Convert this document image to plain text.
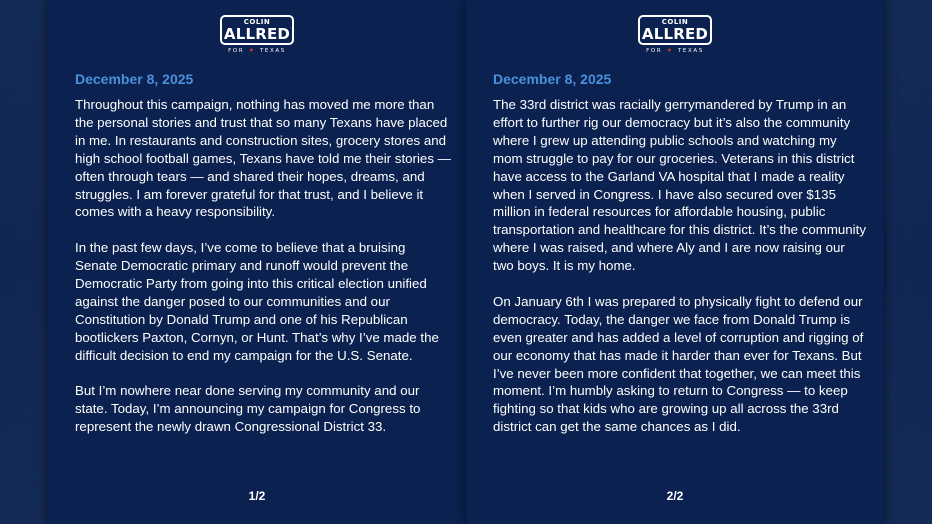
COLIN
ALLRED
FOR ★ TEXAS

December 8, 2025

Throughout this campaign, nothing has moved me more than the personal stories and trust that so many Texans have placed in me. In restaurants and construction sites, grocery stores and high school football games, Texans have told me their stories — often through tears — and shared their hopes, dreams, and struggles. I am forever grateful for that trust, and I believe it comes with a heavy responsibility.

In the past few days, I’ve come to believe that a bruising Senate Democratic primary and runoff would prevent the Democratic Party from going into this critical election unified against the danger posed to our communities and our Constitution by Donald Trump and one of his Republican bootlickers Paxton, Cornyn, or Hunt. That’s why I’ve made the difficult decision to end my campaign for the U.S. Senate.

But I’m nowhere near done serving my community and our state. Today, I’m announcing my campaign for Congress to represent the newly drawn Congressional District 33.

1/2
COLIN
ALLRED
FOR ★ TEXAS

December 8, 2025

The 33rd district was racially gerrymandered by Trump in an effort to further rig our democracy but it’s also the community where I grew up attending public schools and watching my mom struggle to pay for our groceries. Veterans in this district have access to the Garland VA hospital that I made a reality when I served in Congress. I have also secured over $135 million in federal resources for affordable housing, public transportation and healthcare for this district. It’s the community where I was raised, and where Aly and I are now raising our two boys. It is my home.

On January 6th I was prepared to physically fight to defend our democracy. Today, the danger we face from Donald Trump is even greater and has added a level of corruption and rigging of our economy that has made it harder than ever for Texans. But I’ve never been more confident that together, we can meet this moment. I’m humbly asking to return to Congress — to keep fighting so that kids who are growing up all across the 33rd district can get the same chances as I did.

2/2
